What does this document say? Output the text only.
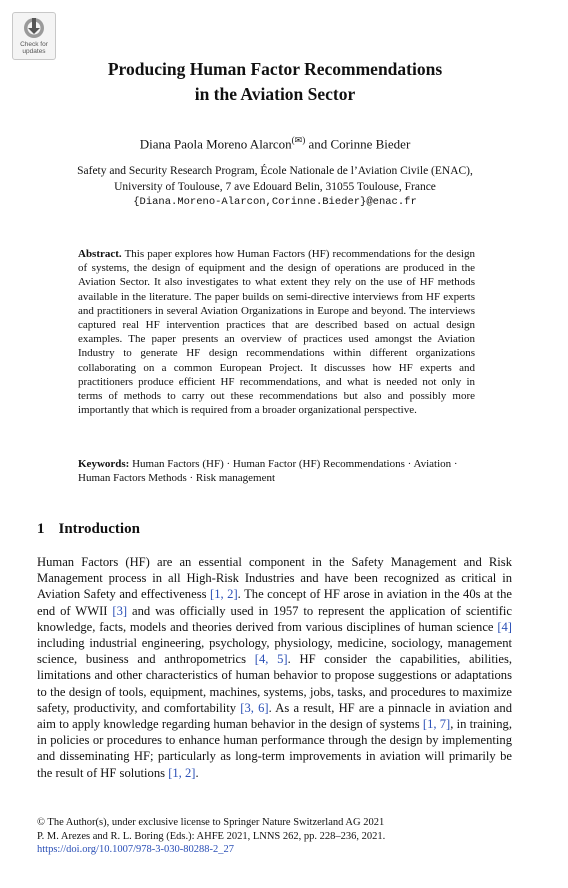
Check for
updates
Producing Human Factor Recommendations
in the Aviation Sector
Diana Paola Moreno Alarcon(✉) and Corinne Bieder
Safety and Security Research Program, École Nationale de l’Aviation Civile (ENAC),
University of Toulouse, 7 ave Edouard Belin, 31055 Toulouse, France
{Diana.Moreno-Alarcon,Corinne.Bieder}@enac.fr
Abstract. This paper explores how Human Factors (HF) recommendations for the design of systems, the design of equipment and the design of operations are produced in the Aviation Sector. It also investigates to what extent they rely on the use of HF methods available in the literature. The paper builds on semi-directive interviews from HF experts and practitioners in several Aviation Organizations in Europe and beyond. The interviews captured real HF intervention practices that are described based on actual design examples. The paper presents an overview of practices used amongst the Aviation Industry to generate HF design recommendations within different organizations collaborating on a common European Project. It discusses how HF experts and practitioners produce efficient HF recommendations, and what is needed not only in terms of methods to carry out these recommendations but also and possibly more importantly that which is required from a broader organizational perspective.
Keywords: Human Factors (HF) · Human Factor (HF) Recommendations · Aviation · Human Factors Methods · Risk management
1 Introduction
Human Factors (HF) are an essential component in the Safety Management and Risk Management process in all High-Risk Industries and have been recognized as critical in Aviation Safety and effectiveness [1, 2]. The concept of HF arose in aviation in the 40s at the end of WWII [3] and was officially used in 1957 to represent the application of scientific knowledge, facts, models and theories derived from various disciplines of human science [4] including industrial engineering, psychology, physiology, medicine, sociology, management science, business and anthropometrics [4, 5]. HF consider the capabilities, abilities, limitations and other characteristics of human behavior to propose suggestions or adaptations to the design of tools, equipment, machines, systems, jobs, tasks, and procedures to maximize safety, productivity, and comfortability [3, 6]. As a result, HF are a pinnacle in aviation and aim to apply knowledge regarding human behavior in the design of systems [1, 7], in training, in policies or procedures to enhance human performance through the design by implementing and disseminating HF; particularly as long-term improvements in aviation will primarily be the result of HF solutions [1, 2].
© The Author(s), under exclusive license to Springer Nature Switzerland AG 2021
P. M. Arezes and R. L. Boring (Eds.): AHFE 2021, LNNS 262, pp. 228–236, 2021.
https://doi.org/10.1007/978-3-030-80288-2_27
